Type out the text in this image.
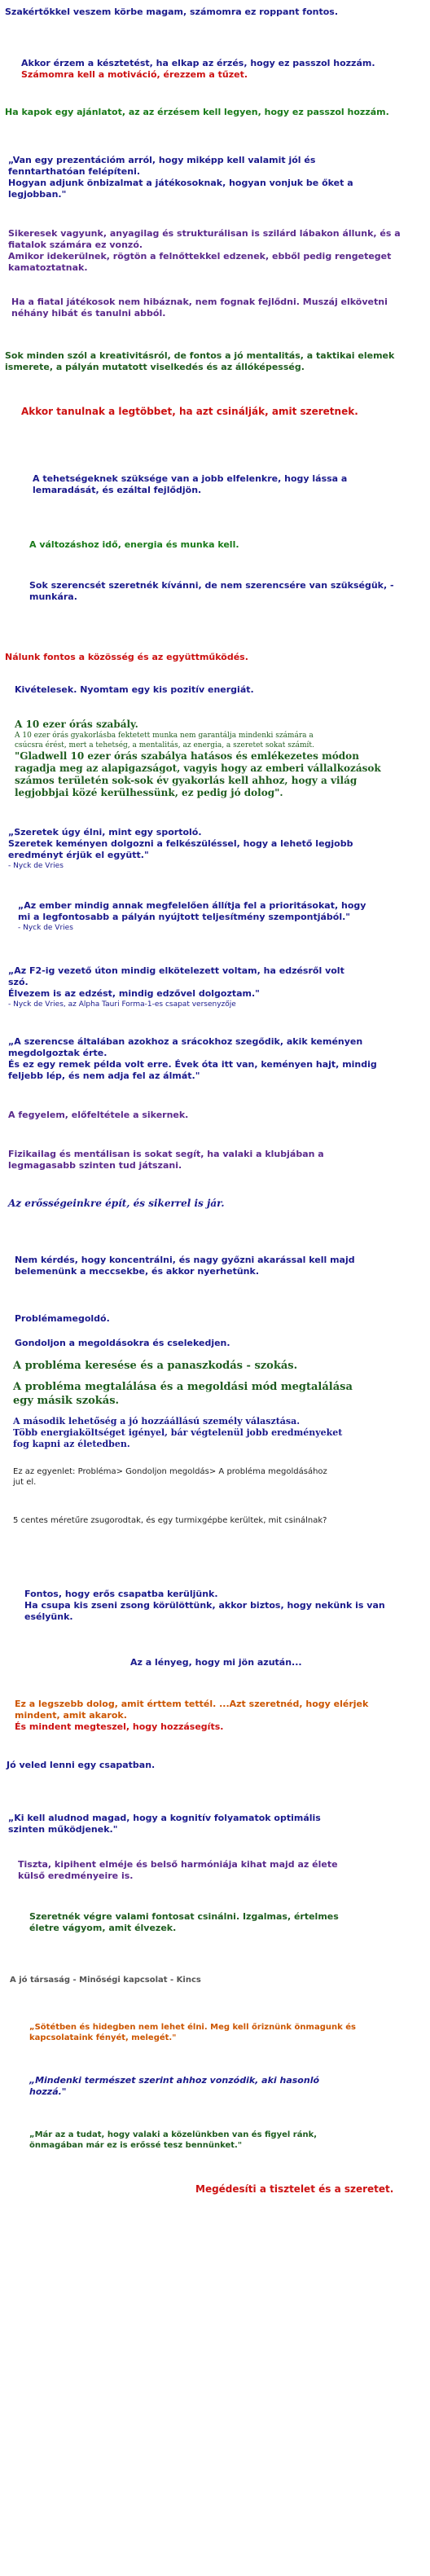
Szakértőkkel veszem körbe magam, számomra ez roppant fontos.
Akkor érzem a késztetést, ha elkap az érzés, hogy ez passzol hozzám.
Számomra kell a motiváció, érezzem a tűzet.
Ha kapok egy ajánlatot, az az érzésem kell legyen, hogy ez passzol hozzám.
„Van egy prezentációm arról, hogy miképp kell valamit jól és
fenntarthatóan felépíteni.
Hogyan adjunk önbizalmat a játékosoknak, hogyan vonjuk be őket a
legjobban."
Sikeresek vagyunk, anyagilag és strukturálisan is szilárd lábakon állunk, és a
fiatalok számára ez vonzó.
Amikor idekerülnek, rögtön a felnőttekkel edzenek, ebből pedig rengeteget
kamatoztatnak.
Ha a fiatal játékosok nem hibáznak, nem fognak fejlődni. Muszáj elkövetni
néhány hibát és tanulni abból.
Sok minden szól a kreativitásról, de fontos a jó mentalitás, a taktikai elemek
ismerete, a pályán mutatott viselkedés és az állóképesség.
Akkor tanulnak a legtöbbet, ha azt csinálják, amit szeretnek.
A tehetségeknek szüksége van a jobb elfelenkre, hogy lássa a
lemaradását, és ezáltal fejlődjön.
A változáshoz idő, energia és munka kell.
Sok szerencsét szeretnék kívánni, de nem szerencsére van szükségük, -
munkára.
Nálunk fontos a közösség és az együttműködés.
Kivételesek. Nyomtam egy kis pozitív energiát.
A 10 ezer órás szabály.
A 10 ezer órás gyakorlásba fektetett munka nem garantálja mindenki számára a
csúcsra érést, mert a tehetség, a mentalitás, az energia, a szeretet sokat számít.
"Gladwell 10 ezer órás szabálya hatásos és emlékezetes módon
ragadja meg az alapigazságot, vagyis hogy az emberi vállalkozások
számos területén sok-sok év gyakorlás kell ahhoz, hogy a világ
legjobbjai közé kerülhessünk, ez pedig jó dolog".
„Szeretek úgy élni, mint egy sportoló.
Szeretek keményen dolgozni a felkészüléssel, hogy a lehető legjobb
eredményt érjük el együtt."
- Nyck de Vries
„Az ember mindig annak megfelelően állítja fel a prioritásokat, hogy
mi a legfontosabb a pályán nyújtott teljesítmény szempontjából."
- Nyck de Vries
„Az F2-ig vezető úton mindig elkötelezett voltam, ha edzésről volt
szó.
Élvezem is az edzést, mindig edzővel dolgoztam."
- Nyck de Vries, az Alpha Tauri Forma-1-es csapat versenyzője
„A szerencse általában azokhoz a srácokhoz szegődik, akik keményen
megdolgoztak érte.
És ez egy remek példa volt erre. Évek óta itt van, keményen hajt, mindig
feljebb lép, és nem adja fel az álmát."
A fegyelem, előfeltétele a sikernek.
Fizikailag és mentálisan is sokat segít, ha valaki a klubjában a
legmagasabb szinten tud játszani.
Az erősségeinkre épít, és sikerrel is jár.
Nem kérdés, hogy koncentrálni, és nagy győzni akarással kell majd
belemenünk a meccsekbe, és akkor nyerhetünk.
Problémamegoldó.
Gondoljon a megoldásokra és cselekedjen.
A probléma keresése és a panaszkodás - szokás.
A probléma megtalálása és a megoldási mód megtalálása
egy másik szokás.
A második lehetőség a jó hozzáállású személy választása.
Több energiaköltséget igényel, bár végtelenül jobb eredményeket
fog kapni az életedben.
Ez az egyenlet: Probléma> Gondoljon megoldás> A probléma megoldásához
jut el.
5 centes méretűre zsugorodtak, és egy turmixgépbe kerültek, mit csinálnak?
Fontos, hogy erős csapatba kerüljünk.
Ha csupa kis zseni zsong körülöttünk, akkor biztos, hogy nekünk is van
esélyünk.
Az a lényeg, hogy mi jön azután...
Ez a legszebb dolog, amit érttem tettél. ...Azt szeretnéd, hogy elérjek
mindent, amit akarok.
És mindent megteszel, hogy hozzásegíts.
Jó veled lenni egy csapatban.
„Ki kell aludnod magad, hogy a kognitív folyamatok optimális
szinten működjenek."
Tiszta, kipihent elméje és belső harmóniája kihat majd az élete
külső eredményeire is.
Szeretnék végre valami fontosat csinálni. Izgalmas, értelmes
életre vágyom, amit élvezek.
A jó társaság - Minőségi kapcsolat - Kincs
„Sötétben és hidegben nem lehet élni. Meg kell őriznünk önmagunk és
kapcsolataink fényét, melegét."
„Mindenki természet szerint ahhoz vonzódik, aki hasonló
hozzá."
„Már az a tudat, hogy valaki a közelünkben van és figyel ránk,
önmagában már ez is erőssé tesz bennünket."
Megédesíti a tisztelet és a szeretet.
